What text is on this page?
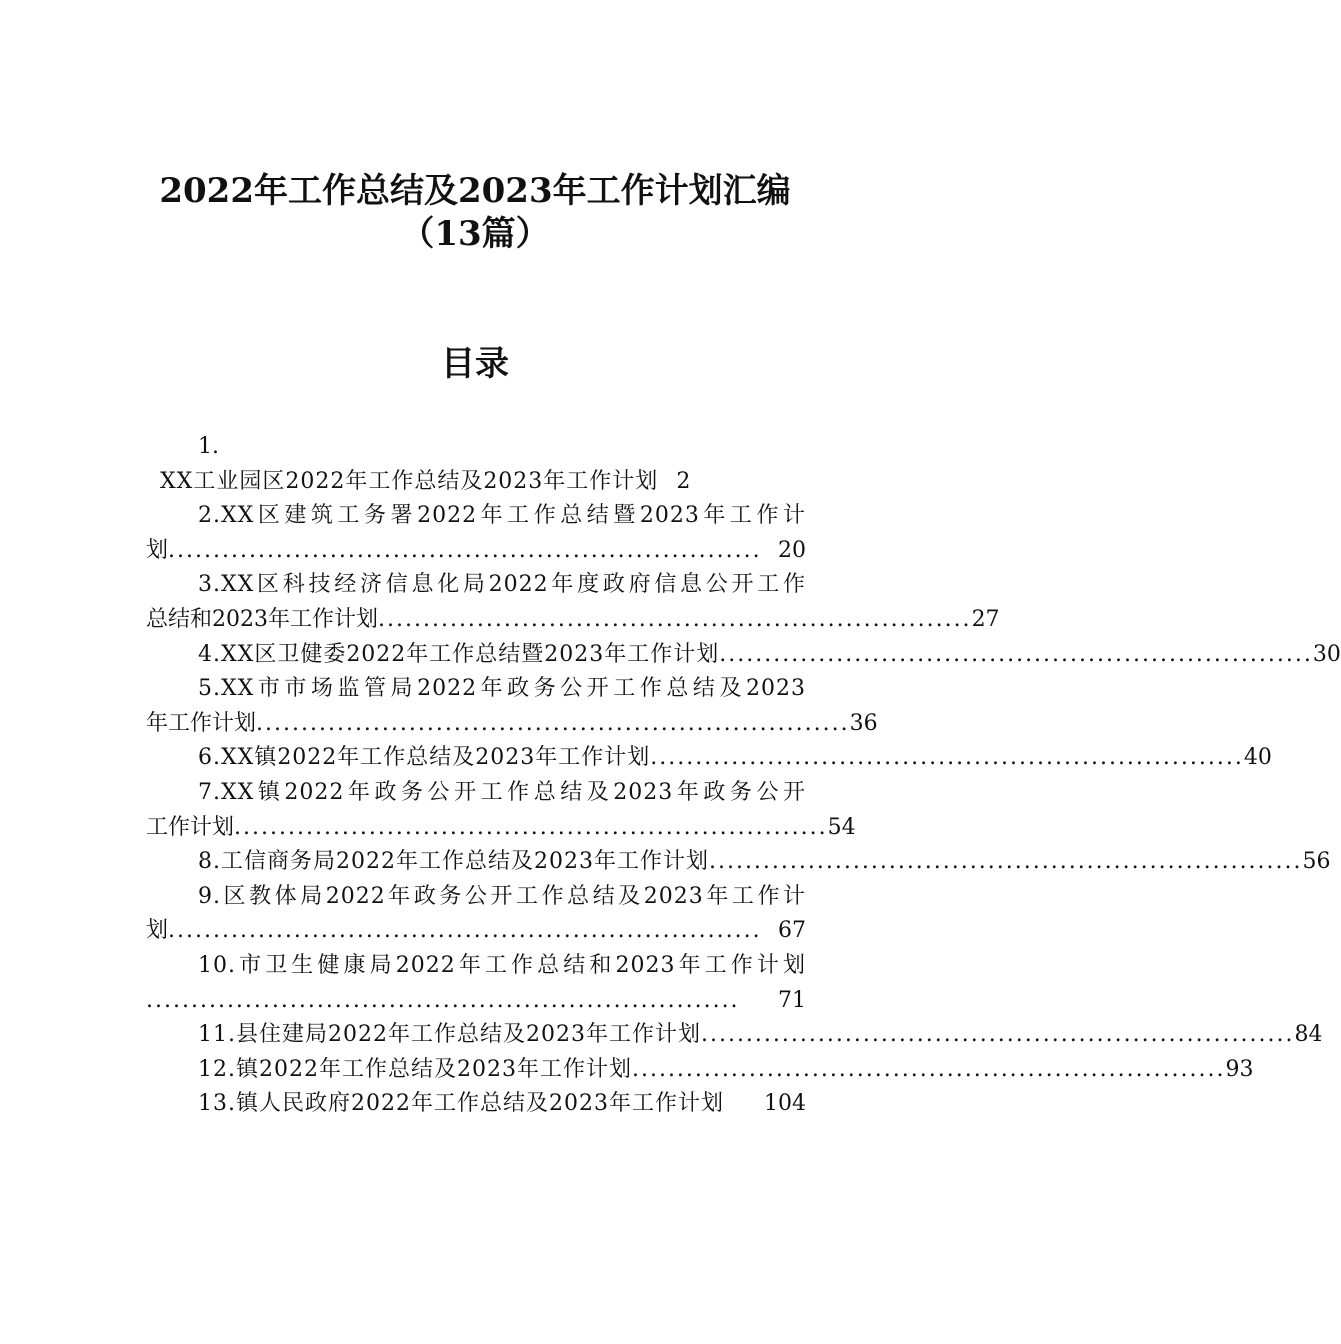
2022年工作总结及2023年工作计划汇编
（13篇）
目录
1.
XX工业园区2022年工作总结及2023年工作计划 2
2.XX区建筑工务署2022年工作总结暨2023年工作计
划 .................................................................. 20
3.XX区科技经济信息化局2022年度政府信息公开工作
总结和2023年工作计划 .................................................................. 27
4.XX区卫健委2022年工作总结暨2023年工作计划 .................................................................. 30
5.XX市市场监管局2022年政务公开工作总结及2023
年工作计划 .................................................................. 36
6.XX镇2022年工作总结及2023年工作计划 .................................................................. 40
7.XX镇2022年政务公开工作总结及2023年政务公开
工作计划 .................................................................. 54
8.工信商务局2022年工作总结及2023年工作计划 .................................................................. 56
9.区教体局2022年政务公开工作总结及2023年工作计
划 .................................................................. 67
10.市卫生健康局2022年工作总结和2023年工作计划
..................................................................	71
11.县住建局2022年工作总结及2023年工作计划 .................................................................. 84
12.镇2022年工作总结及2023年工作计划 .................................................................. 93
13.镇人民政府2022年工作总结及2023年工作计划	104
